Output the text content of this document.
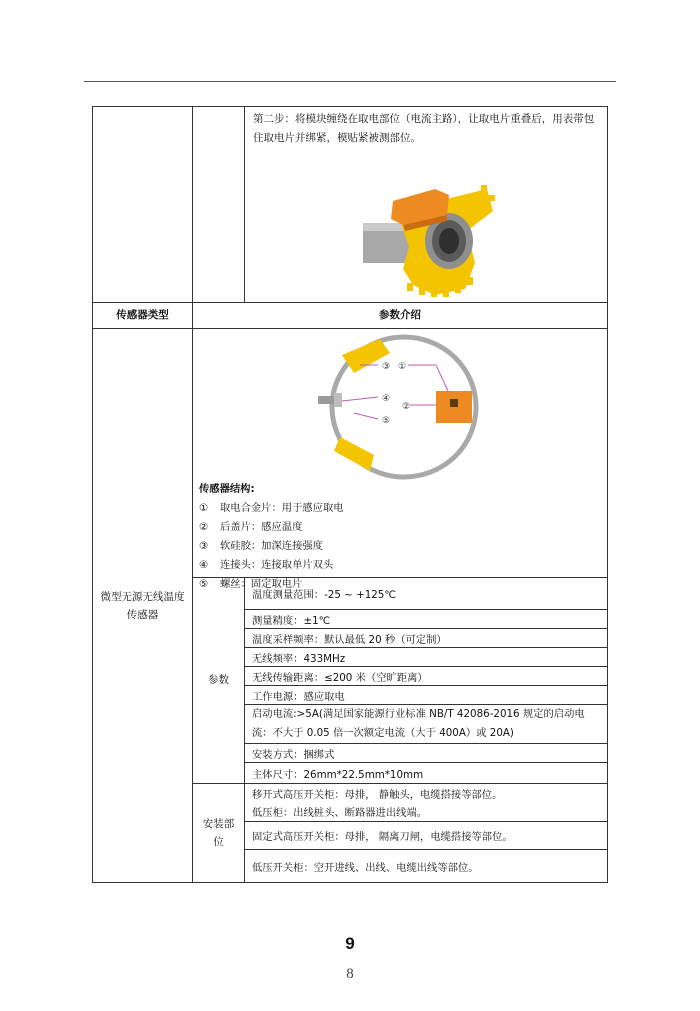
第二步：将模块缠绕在取电部位（电流主路），让取电片重叠后，用表带包住取电片并绑紧，模贴紧被测部位。
传感器类型	参数介绍
微型无源无线温度传感器
③ ①
④
②
⑤
传感器结构:
① 取电合金片：用于感应取电
② 后盖片：感应温度
③ 软硅胶：加深连接强度
④ 连接头：连接取单片双头
⑤ 螺丝：固定取电片
参数
温度测量范围：-25 ~ +125℃
测量精度：±1℃
温度采样频率：默认最低 20 秒（可定制）
无线频率：433MHz
无线传输距离：≤200 米（空旷距离）
工作电源：感应取电
启动电流:>5A(满足国家能源行业标准 NB/T 42086-2016 规定的启动电流：不大于 0.05 倍一次额定电流（大于 400A）或 20A)
安装方式：捆绑式
主体尺寸：26mm*22.5mm*10mm
安装部位
移开式高压开关柜：母排， 静触头，电缆搭接等部位。
低压柜：出线桩头、断路器进出线端。
固定式高压开关柜：母排， 隔离刀闸，电缆搭接等部位。
低压开关柜：空开进线、出线、电缆出线等部位。
9
8
